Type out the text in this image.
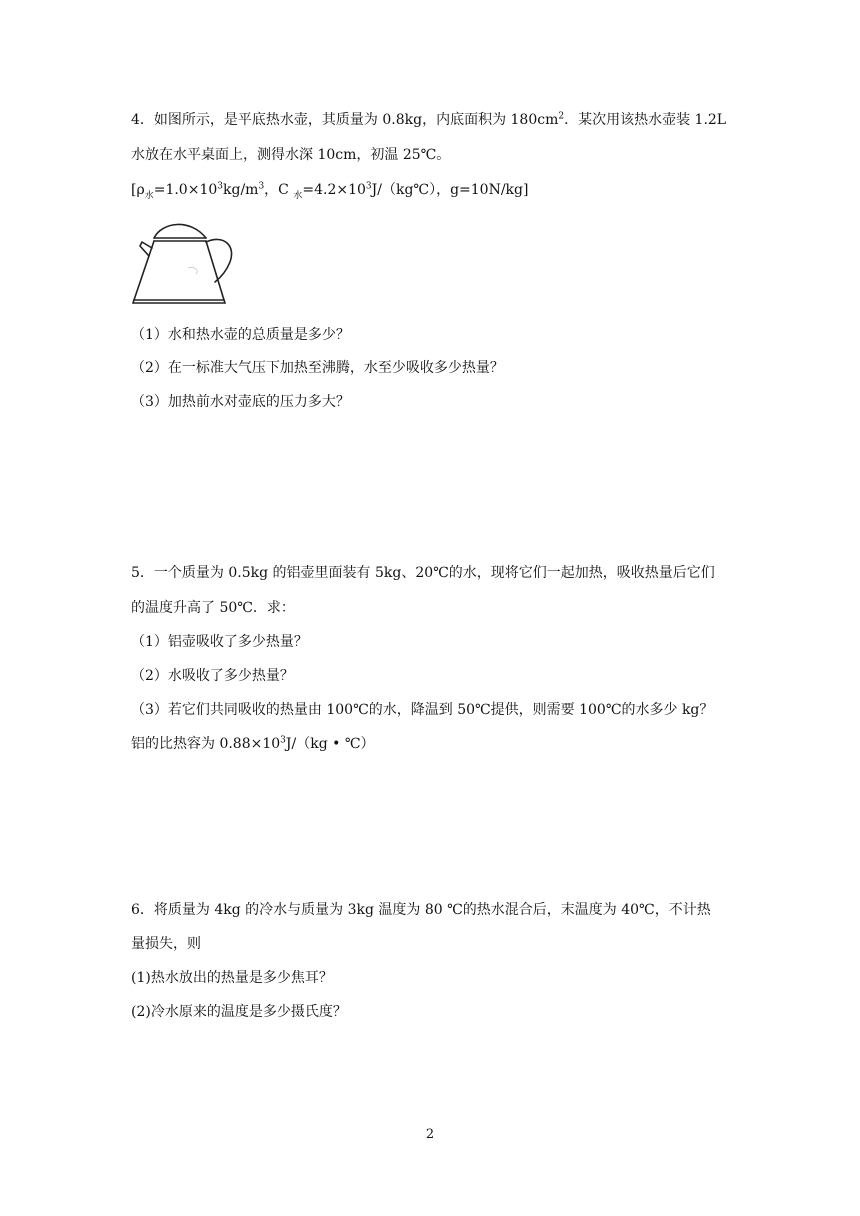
4．如图所示，是平底热水壶，其质量为 0.8kg，内底面积为 $180cm^2$．某次用该热水壶装 1.2L
水放在水平桌面上，测得水深 10cm，初温 25℃。
[$\rho_水=1.0\times 10^3kg/m^3$，C $_水=4.2\times 10^3J/(kg℃)$，g=10N/kg]
（1）水和热水壶的总质量是多少？
（2）在一标准大气压下加热至沸腾，水至少吸收多少热量？
（3）加热前水对壶底的压力多大？
5．一个质量为 0.5kg 的铝壶里面装有 5kg、20℃的水，现将它们一起加热，吸收热量后它们
的温度升高了 50℃．求：
（1）铝壶吸收了多少热量？
（2）水吸收了多少热量？
（3）若它们共同吸收的热量由 100℃的水，降温到 50℃提供，则需要 100℃的水多少 kg？
铝的比热容为 $0.88\times 10^3J/(kg$ • ℃）
6．将质量为 4kg 的冷水与质量为 3kg 温度为 80 ℃的热水混合后，末温度为 40℃，不计热
量损失，则
(1)热水放出的热量是多少焦耳？
(2)冷水原来的温度是多少摄氏度？
2
